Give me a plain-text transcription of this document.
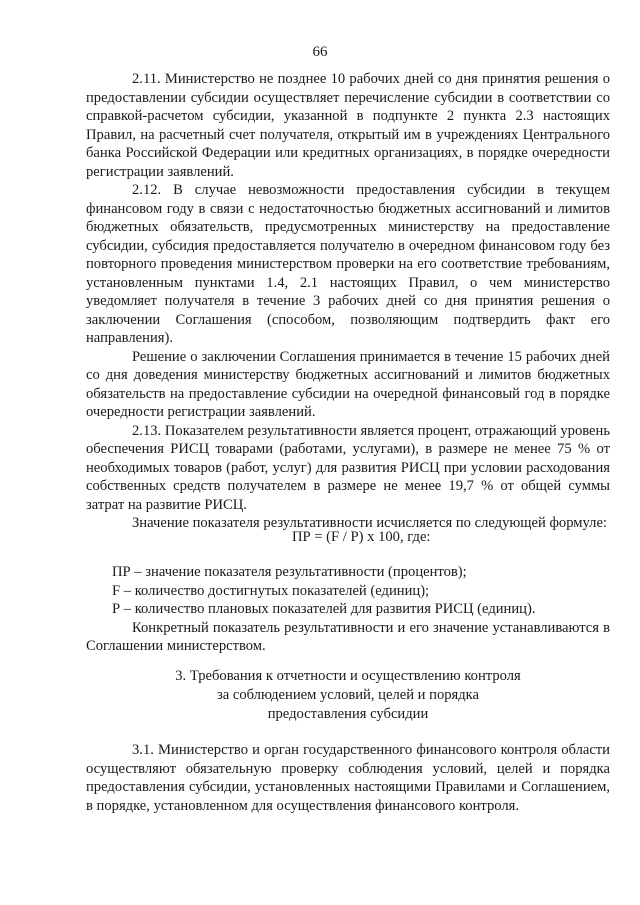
66

2.11. Министерство не позднее 10 рабочих дней со дня принятия решения о предоставлении субсидии осуществляет перечисление субсидии в соответствии со справкой-расчетом субсидии, указанной в подпункте 2 пункта 2.3 настоящих Правил, на расчетный счет получателя, открытый им в учреждениях Центрального банка Российской Федерации или кредитных организациях, в порядке очередности регистрации заявлений.

2.12. В случае невозможности предоставления субсидии в текущем финансовом году в связи с недостаточностью бюджетных ассигнований и лимитов бюджетных обязательств, предусмотренных министерству на предоставление субсидии, субсидия предоставляется получателю в очередном финансовом году без повторного проведения министерством проверки на его соответствие требованиям, установленным пунктами 1.4, 2.1 настоящих Правил, о чем министерство уведомляет получателя в течение 3 рабочих дней со дня принятия решения о заключении Соглашения (способом, позволяющим подтвердить факт его направления).

Решение о заключении Соглашения принимается в течение 15 рабочих дней со дня доведения министерству бюджетных ассигнований и лимитов бюджетных обязательств на предоставление субсидии на очередной финансовый год в порядке очередности регистрации заявлений.

2.13. Показателем результативности является процент, отражающий уровень обеспечения РИСЦ товарами (работами, услугами), в размере не менее 75 % от необходимых товаров (работ, услуг) для развития РИСЦ при условии расходования собственных средств получателем в размере не менее 19,7 % от общей суммы затрат на развитие РИСЦ.

Значение показателя результативности исчисляется по следующей формуле:

ПР = (F / P) х 100, где:

ПР – значение показателя результативности (процентов);

F – количество достигнутых показателей (единиц);

Р – количество плановых показателей для развития РИСЦ (единиц).

Конкретный показатель результативности и его значение устанавливаются в Соглашении министерством.

3. Требования к отчетности и осуществлению контроля

за соблюдением условий, целей и порядка

предоставления субсидии

3.1. Министерство и орган государственного финансового контроля области осуществляют обязательную проверку соблюдения условий, целей и порядка предоставления субсидии, установленных настоящими Правилами и Соглашением, в порядке, установленном для осуществления финансового контроля.
